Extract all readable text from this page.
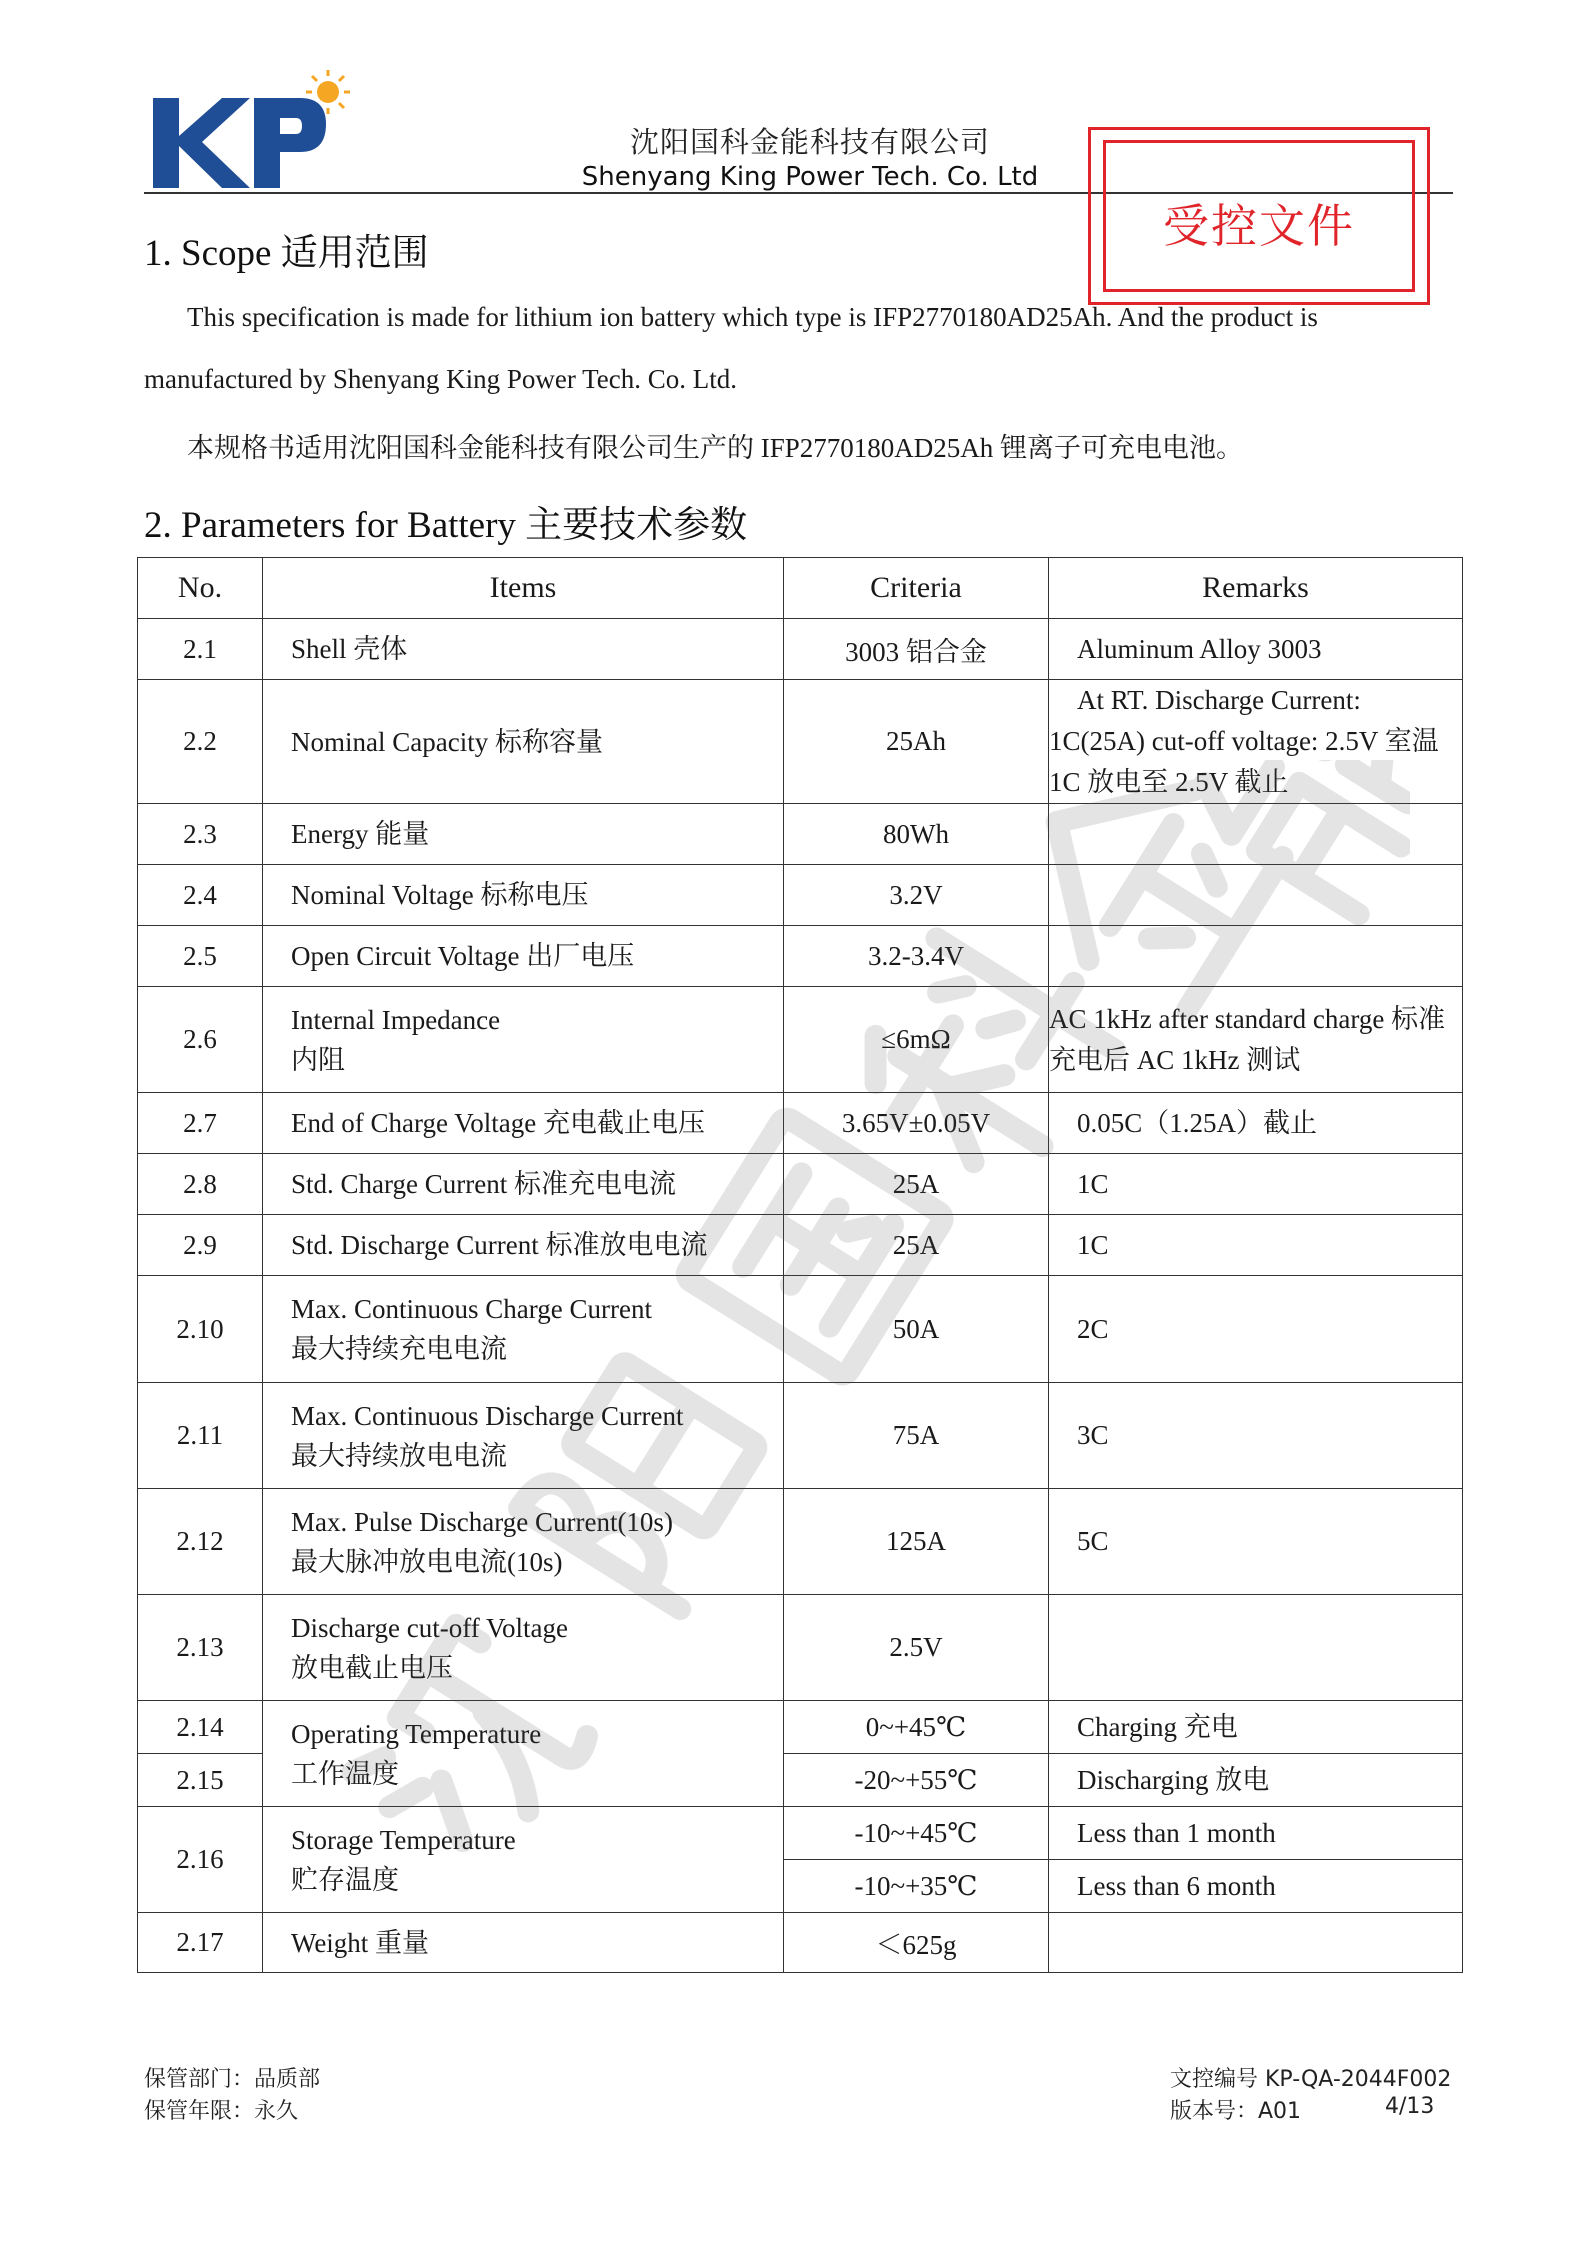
沈阳国科金能科技有限公司
Shenyang King Power Tech. Co. Ltd
受控文件
1. Scope 适用范围
This specification is made for lithium ion battery which type is IFP2770180AD25Ah. And the product is
manufactured by Shenyang King Power Tech. Co. Ltd.
本规格书适用沈阳国科金能科技有限公司生产的 IFP2770180AD25Ah 锂离子可充电电池。
2. Parameters for Battery 主要技术参数
No.	Items	Criteria	Remarks
2.1	Shell 壳体	3003 铝合金	Aluminum Alloy 3003
2.2	Nominal Capacity 标称容量	25Ah	At RT. Discharge Current:
1C(25A) cut-off voltage: 2.5V 室温
1C 放电至 2.5V 截止

2.3	Energy 能量	80Wh	
2.4	Nominal Voltage 标称电压	3.2V	
2.5	Open Circuit Voltage 出厂电压	3.2-3.4V	
2.6	Internal Impedance
内阻	≤6mΩ	AC 1kHz after standard charge 标准
充电后 AC 1kHz 测试

2.7	End of Charge Voltage 充电截止电压	3.65V±0.05V	0.05C（1.25A）截止
2.8	Std. Charge Current 标准充电电流	25A	1C
2.9	Std. Discharge Current 标准放电电流	25A	1C
2.10	Max. Continuous Charge Current
最大持续充电电流	50A	2C
2.11	Max. Continuous Discharge Current
最大持续放电电流	75A	3C
2.12	Max. Pulse Discharge Current(10s)
最大脉冲放电电流(10s)	125A	5C
2.13	Discharge cut-off Voltage
放电截止电压	2.5V	
2.14	Operating Temperature
工作温度	0~+45℃	Charging 充电
2.15		-20~+55℃	Discharging 放电
2.16	Storage Temperature
贮存温度	-10~+45℃	Less than 1 month
		-10~+35℃	Less than 6 month
2.17	Weight 重量	＜625g	
保管部门：品质部
保管年限：永久
文控编号 KP-QA-2044F002
版本号：A01	4/13
